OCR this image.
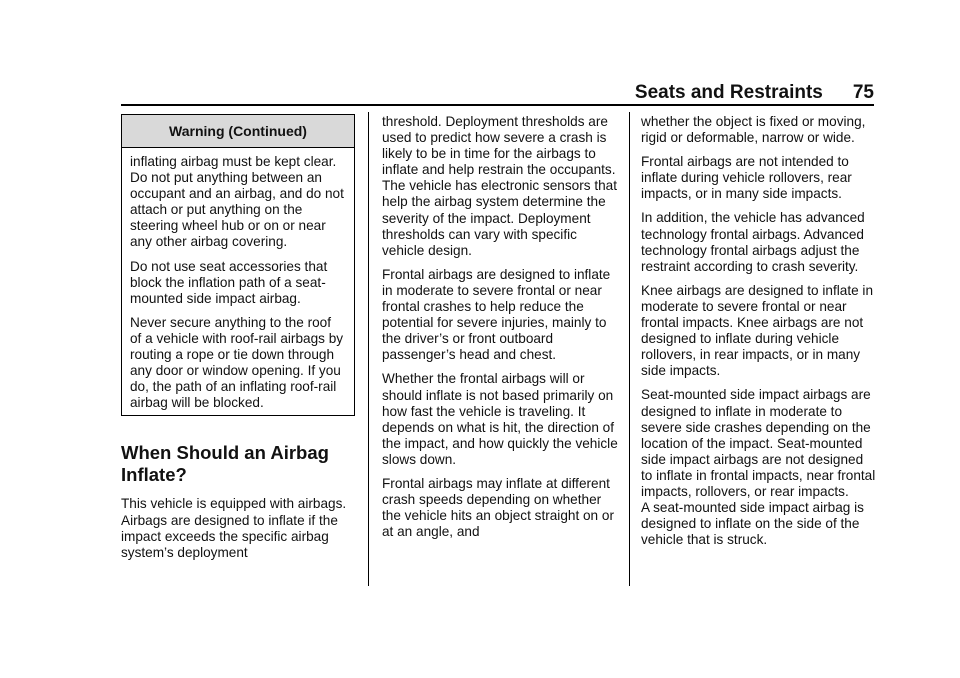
Seats and Restraints 75
Warning (Continued)

inflating airbag must be kept clear. Do not put anything between an occupant and an airbag, and do not attach or put anything on the steering wheel hub or on or near any other airbag covering.

Do not use seat accessories that block the inflation path of a seat-mounted side impact airbag.

Never secure anything to the roof of a vehicle with roof-rail airbags by routing a rope or tie down through any door or window opening. If you do, the path of an inflating roof-rail airbag will be blocked.

When Should an Airbag Inflate?

This vehicle is equipped with airbags. Airbags are designed to inflate if the impact exceeds the specific airbag system’s deployment

threshold. Deployment thresholds are used to predict how severe a crash is likely to be in time for the airbags to inflate and help restrain the occupants. The vehicle has electronic sensors that help the airbag system determine the severity of the impact. Deployment thresholds can vary with specific vehicle design.

Frontal airbags are designed to inflate in moderate to severe frontal or near frontal crashes to help reduce the potential for severe injuries, mainly to the driver’s or front outboard passenger’s head and chest.

Whether the frontal airbags will or should inflate is not based primarily on how fast the vehicle is traveling. It depends on what is hit, the direction of the impact, and how quickly the vehicle slows down.

Frontal airbags may inflate at different crash speeds depending on whether the vehicle hits an object straight on or at an angle, and

whether the object is fixed or moving, rigid or deformable, narrow or wide.

Frontal airbags are not intended to inflate during vehicle rollovers, rear impacts, or in many side impacts.

In addition, the vehicle has advanced technology frontal airbags. Advanced technology frontal airbags adjust the restraint according to crash severity.

Knee airbags are designed to inflate in moderate to severe frontal or near frontal impacts. Knee airbags are not designed to inflate during vehicle rollovers, in rear impacts, or in many side impacts.

Seat-mounted side impact airbags are designed to inflate in moderate to severe side crashes depending on the location of the impact. Seat-mounted side impact airbags are not designed to inflate in frontal impacts, near frontal impacts, rollovers, or rear impacts.

A seat-mounted side impact airbag is designed to inflate on the side of the vehicle that is struck.
